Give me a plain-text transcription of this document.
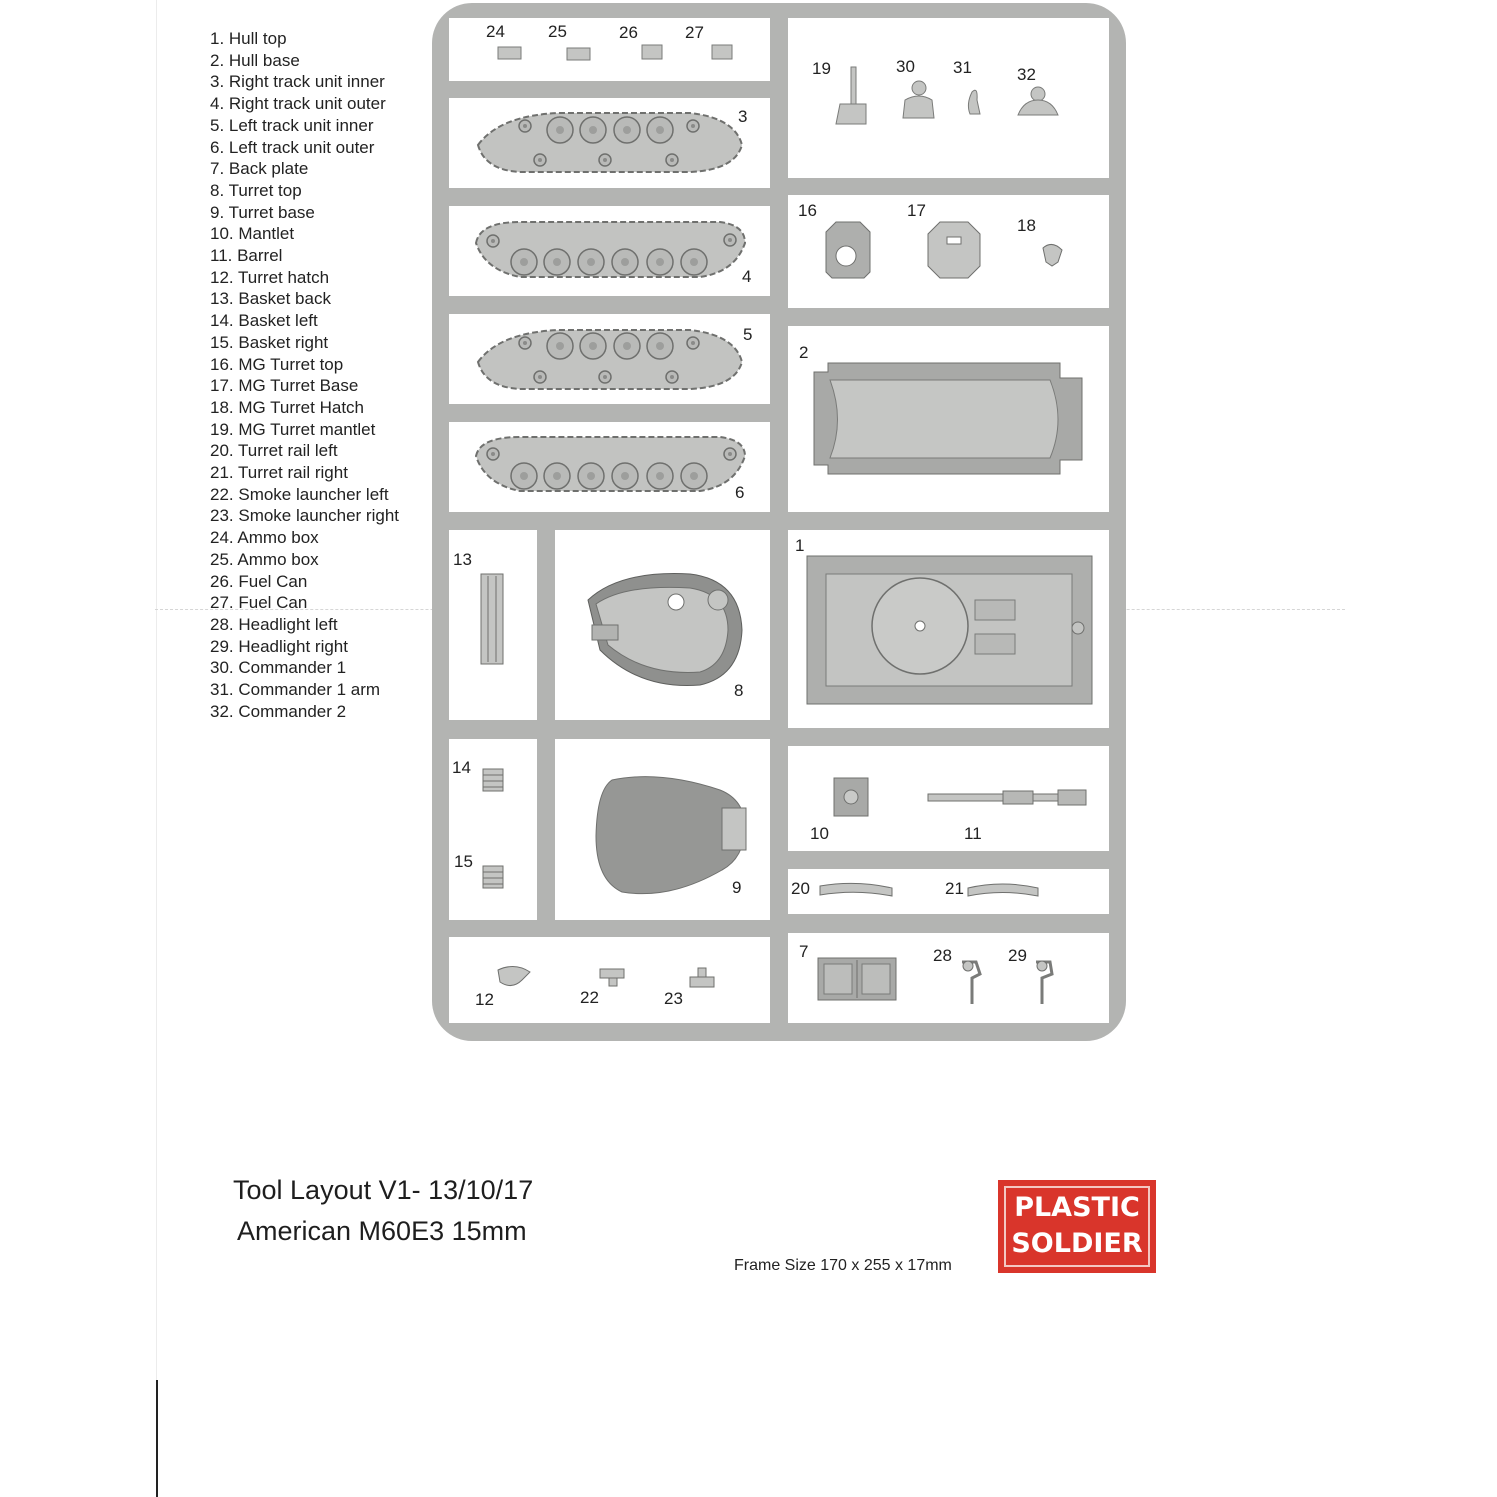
1. Hull top
2. Hull base
3. Right track unit inner
4. Right track unit outer
5. Left track unit inner
6. Left track unit outer
7. Back plate
8. Turret top
9. Turret base
10. Mantlet
11. Barrel
12. Turret hatch
13. Basket back
14. Basket left
15. Basket right
16. MG Turret top
17. MG Turret Base
18. MG Turret Hatch
19. MG Turret mantlet
20. Turret rail left
21. Turret rail right
22. Smoke launcher left
23. Smoke launcher right
24. Ammo box
25. Ammo box
26. Fuel Can
27. Fuel Can
28. Headlight left
29. Headlight right
30. Commander 1
31. Commander 1 arm
32. Commander 2
24	25	26	27
3
4
5
6
13
8
14
15
9
12	22	23
19	30 31	32
16	17
18
2
1
10	11
20	21
7	28	29
Tool Layout V1- 13/10/17
American M60E3 15mm
Frame Size 170 x 255 x 17mm
PLASTIC
SOLDIER
